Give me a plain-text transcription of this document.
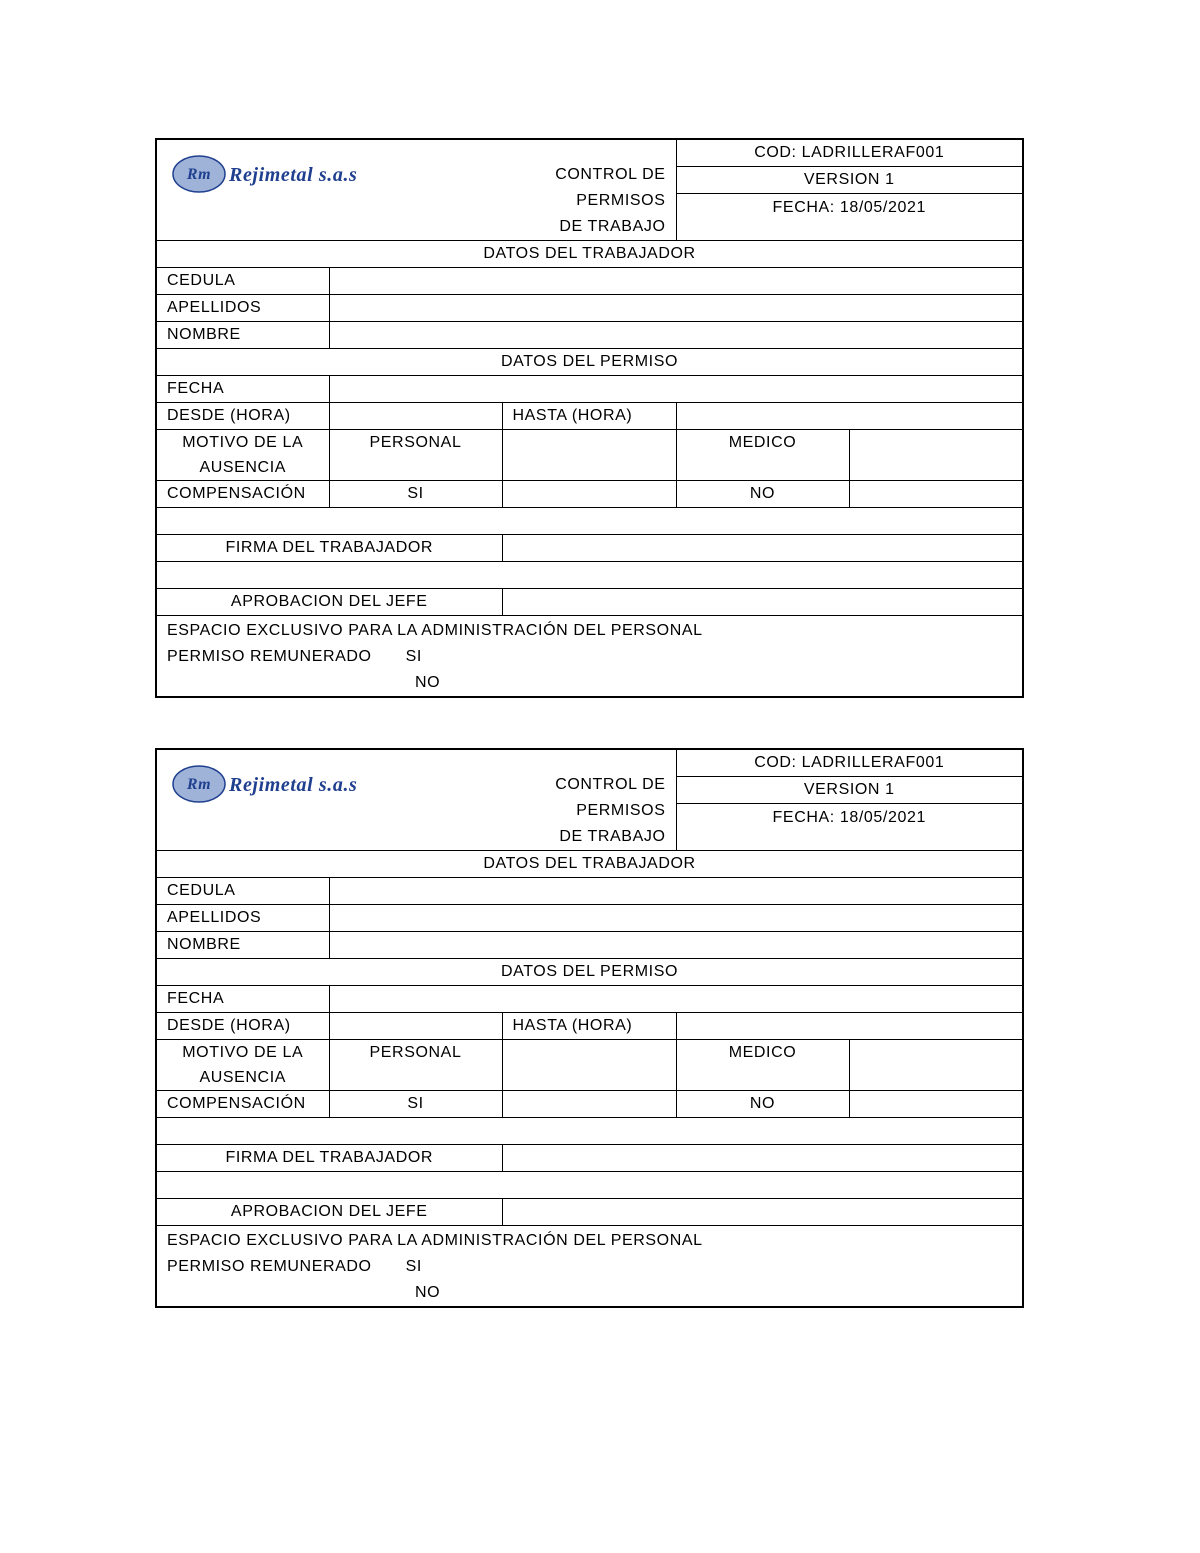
Rm Rejimetal s.a.s		CONTROL DE PERMISOS
DE TRABAJO	COD: LADRILLERAF001	
			VERSION 1	
			FECHA: 18/05/2021	
DATOS DEL TRABAJADOR				
CEDULA				
APELLIDOS				
NOMBRE				
DATOS DEL PERMISO				
FECHA				
DESDE (HORA)		HASTA (HORA)		

MOTIVO DE LA
AUSENCIA	PERSONAL		MEDICO	
COMPENSACIÓN	SI		NO	

FIRMA DEL TRABAJADOR				

APROBACION DEL JEFE				

ESPACIO EXCLUSIVO PARA LA ADMINISTRACIÓN DEL PERSONAL
PERMISO REMUNERADO SI
NO				
Rm Rejimetal s.a.s		CONTROL DE PERMISOS
DE TRABAJO	COD: LADRILLERAF001	
			VERSION 1	
			FECHA: 18/05/2021	
DATOS DEL TRABAJADOR				
CEDULA				
APELLIDOS				
NOMBRE				
DATOS DEL PERMISO				
FECHA				
DESDE (HORA)		HASTA (HORA)		

MOTIVO DE LA
AUSENCIA	PERSONAL		MEDICO	
COMPENSACIÓN	SI		NO	

FIRMA DEL TRABAJADOR				

APROBACION DEL JEFE				

ESPACIO EXCLUSIVO PARA LA ADMINISTRACIÓN DEL PERSONAL
PERMISO REMUNERADO SI
NO				
